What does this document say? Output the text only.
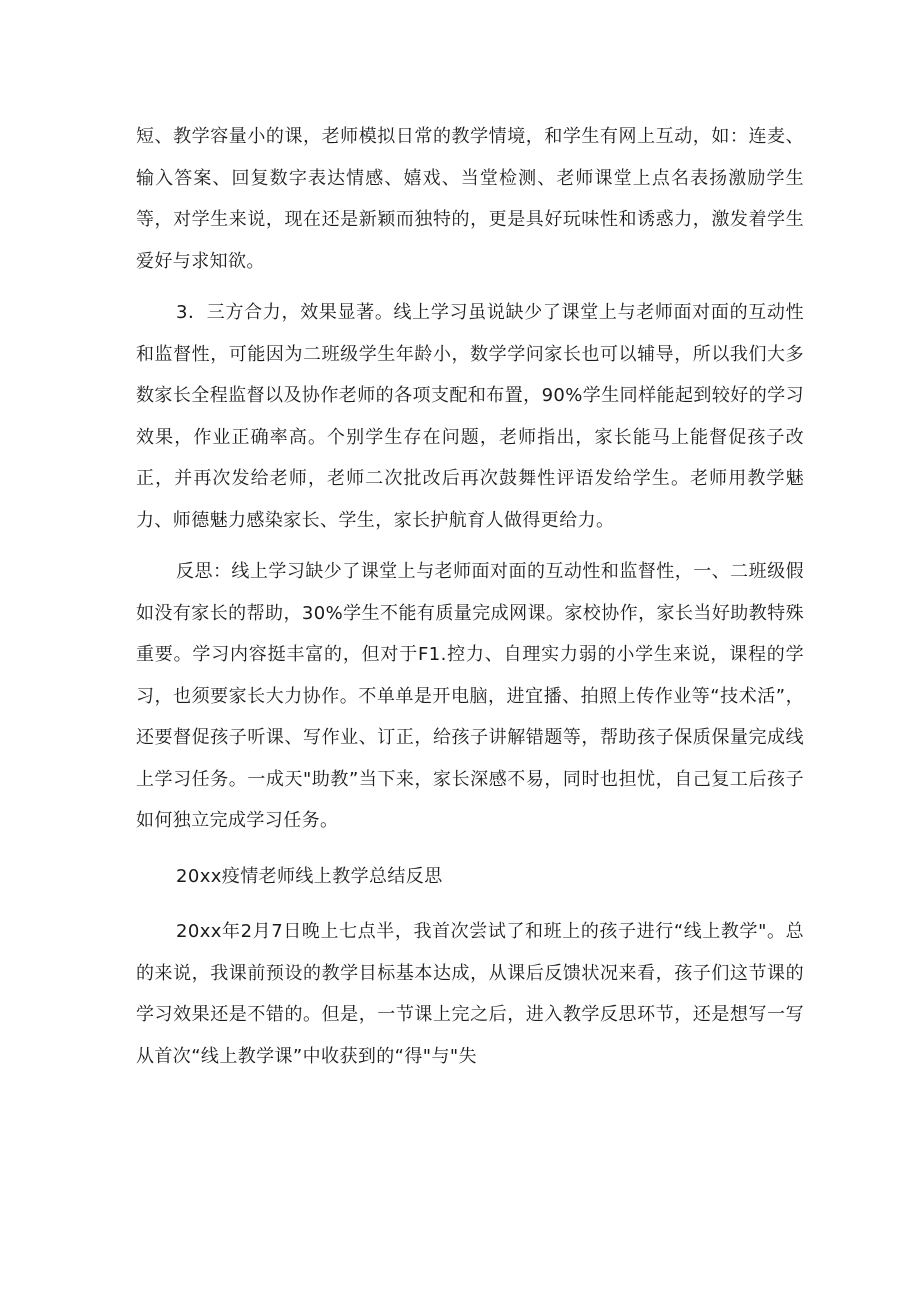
短、教学容量小的课，老师模拟日常的教学情境，和学生有网上互动，如：连麦、输入答案、回复数字表达情感、嬉戏、当堂检测、老师课堂上点名表扬激励学生等，对学生来说，现在还是新颖而独特的，更是具好玩味性和诱惑力，激发着学生爱好与求知欲。

3．三方合力，效果显著。线上学习虽说缺少了课堂上与老师面对面的互动性和监督性，可能因为二班级学生年龄小，数学学问家长也可以辅导，所以我们大多数家长全程监督以及协作老师的各项支配和布置，90%学生同样能起到较好的学习效果，作业正确率高。个别学生存在问题，老师指出，家长能马上能督促孩子改正，并再次发给老师，老师二次批改后再次鼓舞性评语发给学生。老师用教学魅力、师德魅力感染家长、学生，家长护航育人做得更给力。

反思：线上学习缺少了课堂上与老师面对面的互动性和监督性，一、二班级假如没有家长的帮助，30%学生不能有质量完成网课。家校协作，家长当好助教特殊重要。学习内容挺丰富的，但对于F1.控力、自理实力弱的小学生来说，课程的学习，也须要家长大力协作。不单单是开电脑，进宜播、拍照上传作业等“技术活”，还要督促孩子听课、写作业、订正，给孩子讲解错题等，帮助孩子保质保量完成线上学习任务。一成天"助教”当下来，家长深感不易，同时也担忧，自己复工后孩子如何独立完成学习任务。

20xx疫情老师线上教学总结反思

20xx年2月7日晚上七点半，我首次尝试了和班上的孩子进行“线上教学"。总的来说，我课前预设的教学目标基本达成，从课后反馈状况来看，孩子们这节课的学习效果还是不错的。但是，一节课上完之后，进入教学反思环节，还是想写一写从首次“线上教学课”中收获到的“得"与"失
